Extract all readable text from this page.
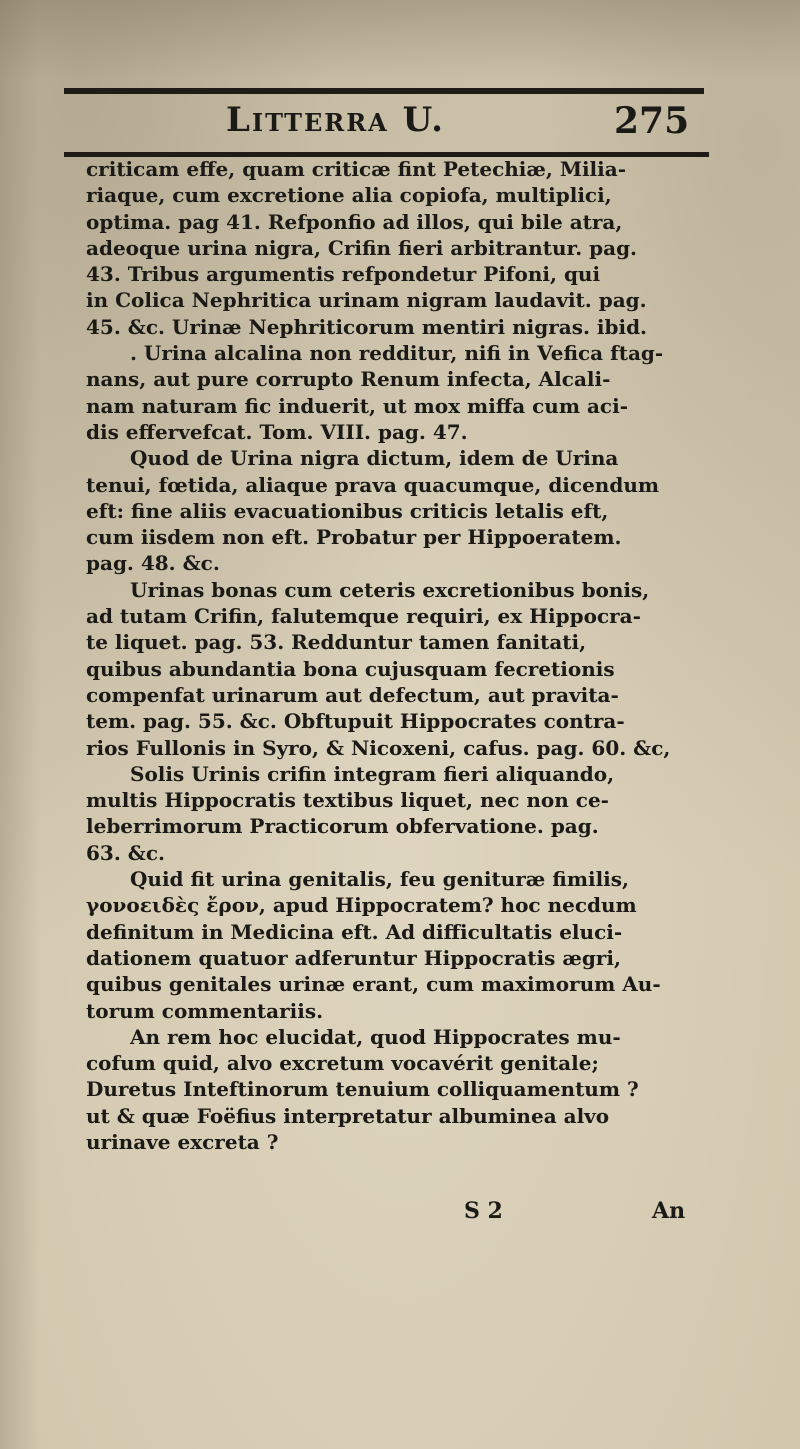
Litterra U.	275
criticam effe, quam criticæ fint Petechiæ, Milia-
riaque, cum excretione alia copiofa, multiplici,
optima. pag 41. Refponfio ad illos, qui bile atra,
adeoque urina nigra, Crifin fieri arbitrantur. pag.
43. Tribus argumentis refpondetur Pifoni, qui
in Colica Nephritica urinam nigram laudavit. pag.
45. &c. Urinæ Nephriticorum mentiri nigras. ibid.
. Urina alcalina non redditur, nifi in Vefica ftag-
nans, aut pure corrupto Renum infecta, Alcali-
nam naturam fic induerit, ut mox miffa cum aci-
dis effervefcat. Tom. VIII. pag. 47.
Quod de Urina nigra dictum, idem de Urina
tenui, fœtida, aliaque prava quacumque, dicendum
eft: fine aliis evacuationibus criticis letalis eft,
cum iisdem non eft. Probatur per Hippoeratem.
pag. 48. &c.
Urinas bonas cum ceteris excretionibus bonis,
ad tutam Crifin, falutemque requiri, ex Hippocra-
te liquet. pag. 53. Redduntur tamen fanitati,
quibus abundantia bona cujusquam fecretionis
compenfat urinarum aut defectum, aut pravita-
tem. pag. 55. &c. Obftupuit Hippocrates contra-
rios Fullonis in Syro, & Nicoxeni, cafus. pag. 60. &c,
Solis Urinis crifin integram fieri aliquando,
multis Hippocratis textibus liquet, nec non ce-
leberrimorum Practicorum obfervatione. pag.
63. &c.
Quid fit urina genitalis, feu genituræ fimilis,
γονοειδὲς ἔρον, apud Hippocratem? hoc necdum
definitum in Medicina eft. Ad difficultatis eluci-
dationem quatuor adferuntur Hippocratis ægri,
quibus genitales urinæ erant, cum maximorum Au-
torum commentariis.
An rem hoc elucidat, quod Hippocrates mu-
cofum quid, alvo excretum vocavérit genitale;
Duretus Inteftinorum tenuium colliquamentum ?
ut & quæ Foëfius interpretatur albuminea alvo
urinave excreta ?
S 2	An
